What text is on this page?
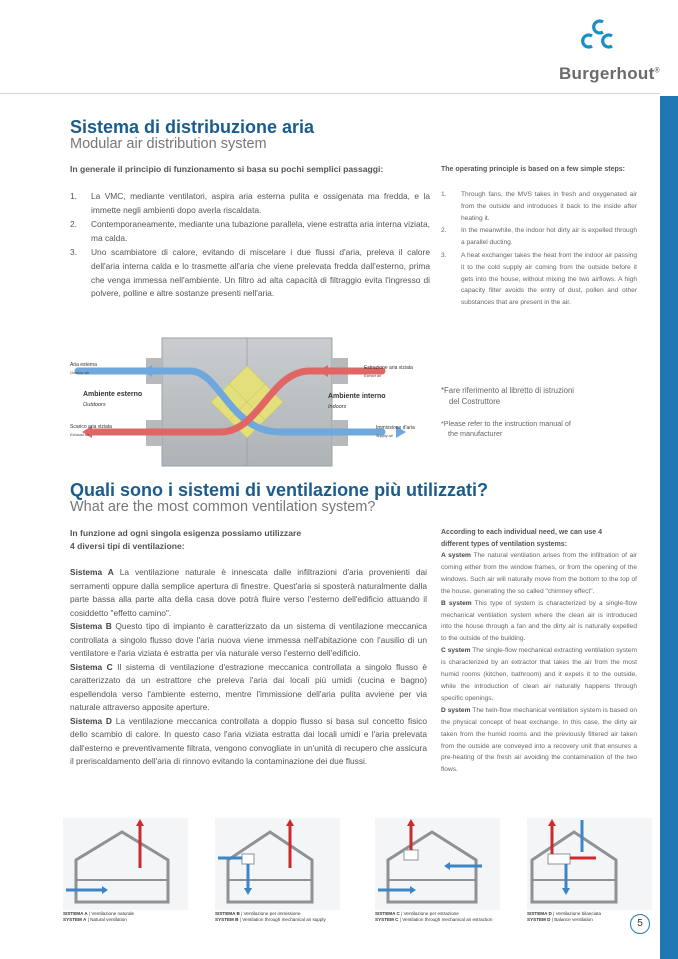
Burgerhout®
Sistema di distribuzione aria
Modular air distribution system
In generale il principio di funzionamento si basa su pochi semplici passaggi:	The operating principle is based on a few simple steps:
1. La VMC, mediante ventilatori, aspira aria esterna pulita e ossigenata ma fredda, e la immette negli ambienti dopo averla riscaldata.
2. Contemporaneamente, mediante una tubazione parallela, viene estratta aria interna viziata, ma calda.
3. Uno scambiatore di calore, evitando di miscelare i due flussi d'aria, preleva il calore dell'aria interna calda e lo trasmette all'aria che viene prelevata fredda dall'esterno, prima che venga immessa nell'ambiente. Un filtro ad alta capacità di filtraggio evita l'ingresso di polvere, polline e altre sostanze presenti nell'aria.
1. Through fans, the MVS takes in fresh and oxygenated air from the outside and introduces it back to the inside after heating it.
2. In the meanwhile, the indoor hot dirty air is expelled through a parallel ducting.
3. A heat exchanger takes the heat from the indoor air passing it to the cold supply air coming from the outside before it gets into the house, without mixing the two airflows. A high capacity filter avoids the entry of dust, pollen and other substances that are present in the air.
Aria esterna
Outdoor air
Ambiente esterno
Outdoors
Scarico aria viziata
Exhaust air
Estrazione aria viziata
Extract air
Ambiente interno
Indoors
Immissione d'aria
Supply air
*Fare riferimento al libretto di istruzioni
del Costruttore
*Please refer to the instruction manual of
the manufacturer
Quali sono i sistemi di ventilazione più utilizzati?
What are the most common ventilation system?
In funzione ad ogni singola esigenza possiamo utilizzare
4 diversi tipi di ventilazione:
According to each individual need, we can use 4
different types of ventilation systems:

Sistema A La ventilazione naturale è innescata dalle infiltrazioni d'aria provenienti dai serramenti oppure dalla semplice apertura di finestre. Quest'aria si sposterà naturalmente dalla parte bassa alla parte alta della casa dove potrà fluire verso l'esterno dell'edificio attuando il cosiddetto "effetto camino".

Sistema B Questo tipo di impianto è caratterizzato da un sistema di ventilazione meccanica controllata a singolo flusso dove l'aria nuova viene immessa nell'abitazione con l'ausilio di un ventilatore e l'aria viziata è estratta per via naturale verso l'esterno dell'edificio.

Sistema C Il sistema di ventilazione d'estrazione meccanica controllata a singolo flusso è caratterizzato da un estrattore che preleva l'aria dai locali più umidi (cucina e bagno) espellendola verso l'ambiente esterno, mentre l'immissione dell'aria pulita avviene per via naturale attraverso apposite aperture.

Sistema D La ventilazione meccanica controllata a doppio flusso si basa sul concetto fisico dello scambio di calore. In questo caso l'aria viziata estratta dai locali umidi e l'aria prelevata dall'esterno e preventivamente filtrata, vengono convogliate in un'unità di recupero che assicura il preriscaldamento dell'aria di rinnovo evitando la contaminazione dei due flussi.

A system The natural ventilation arises from the infiltration of air coming either from the window frames, or from the opening of the windows. Such air will naturally move from the bottom to the top of the house, generating the so called "chimney effect".

B system This type of system is characterized by a single-flow mechanical ventilation system where the clean air is introduced into the house through a fan and the dirty air is naturally expelled to the outside of the building.

C system The single-flow mechanical extracting ventilation system is characterized by an extractor that takes the air from the most humid rooms (kitchen, bathroom) and it expels it to the outside, while the introduction of clean air naturally happens through specific openings.

D system The twin-flow mechanical ventilation system is based on the physical concept of heat exchange. In this case, the dirty air taken from the humid rooms and the previously filtered air taken from the outside are conveyed into a recovery unit that ensures a pre-heating of the fresh air avoiding the contamination of the two flows.

SISTEMA A | Ventilazione naturale
SYSTEM A | Natural ventilation
SISTEMA B | Ventilazione per immissione
SYSTEM B | Ventilation through mechanical air supply
SISTEMA C | Ventilazione per estrazione
SYSTEM C | Ventilation through mechanical air extraction
SISTEMA D | Ventilazione bilanciata
SYSTEM D | Balance ventilation	5
